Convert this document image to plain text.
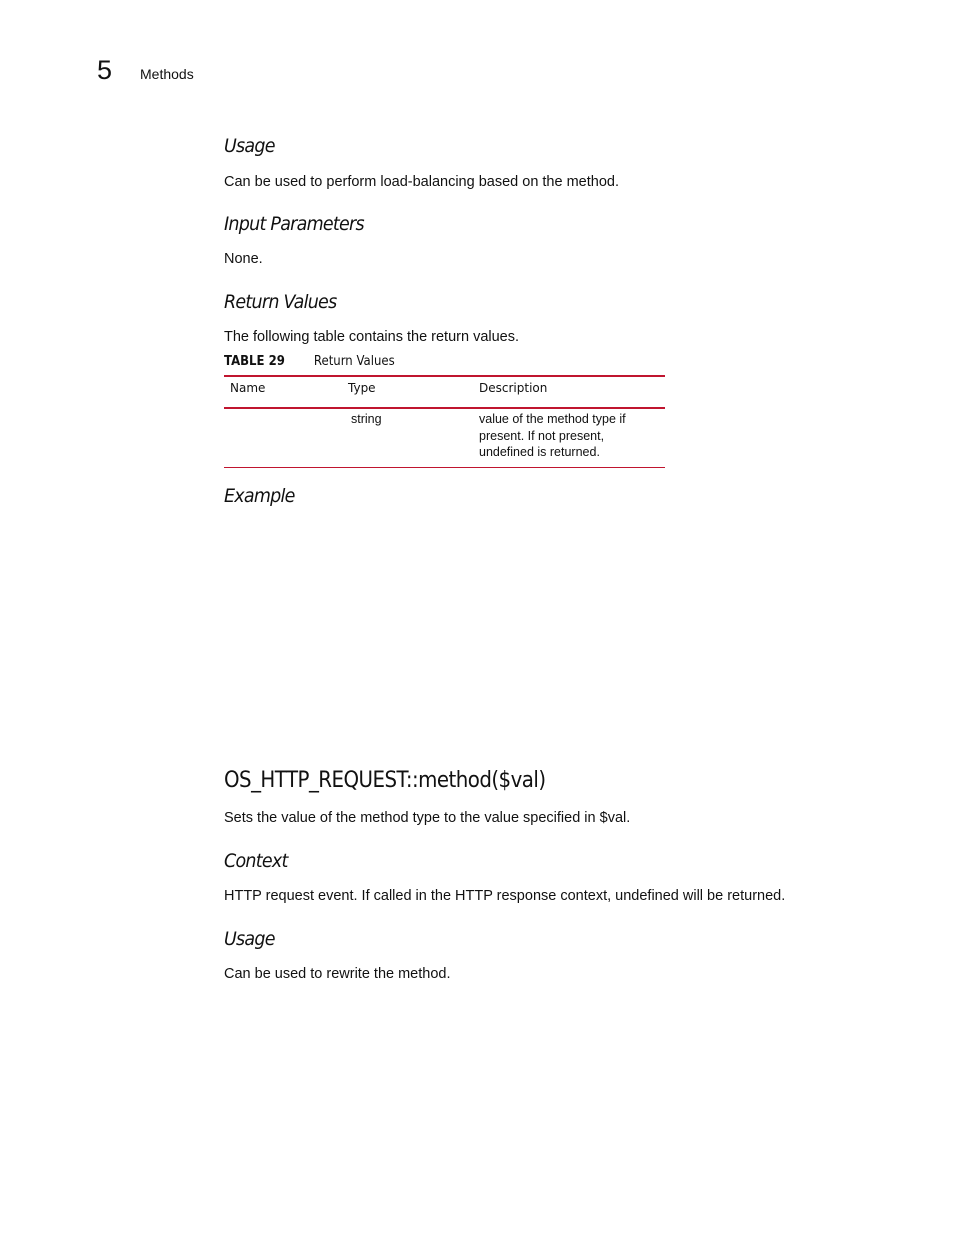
5 Methods
Usage
Can be used to perform load-balancing based on the method.
Input Parameters
None.
Return Values
The following table contains the return values.
TABLE 29 Return Values
Name	Type	Description
	string	value of the method type if present. If not present, undefined is returned.
Example
OS_HTTP_REQUEST::method($val)
Sets the value of the method type to the value specified in $val.
Context
HTTP request event. If called in the HTTP response context, undefined will be returned.
Usage
Can be used to rewrite the method.
